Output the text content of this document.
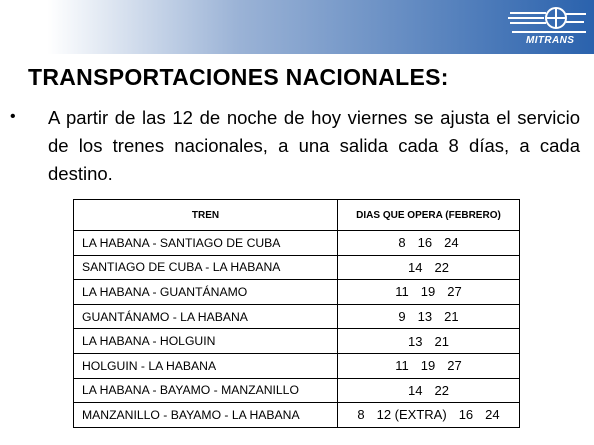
MITRANS
TRANSPORTACIONES NACIONALES:
• A partir de las 12 de noche de hoy viernes se ajusta el servicio de los trenes nacionales, a una salida cada 8 días, a cada destino.

TREN	DIAS QUE OPERA (FEBRERO)
LA HABANA - SANTIAGO DE CUBA	8 16 24
SANTIAGO DE CUBA - LA HABANA	14 22
LA HABANA - GUANTÁNAMO	11 19 27
GUANTÁNAMO - LA HABANA	9 13 21
LA HABANA - HOLGUIN	13 21
HOLGUIN - LA HABANA	11 19 27
LA HABANA - BAYAMO - MANZANILLO	14 22
MANZANILLO - BAYAMO - LA HABANA	8 12 (EXTRA) 16 24
